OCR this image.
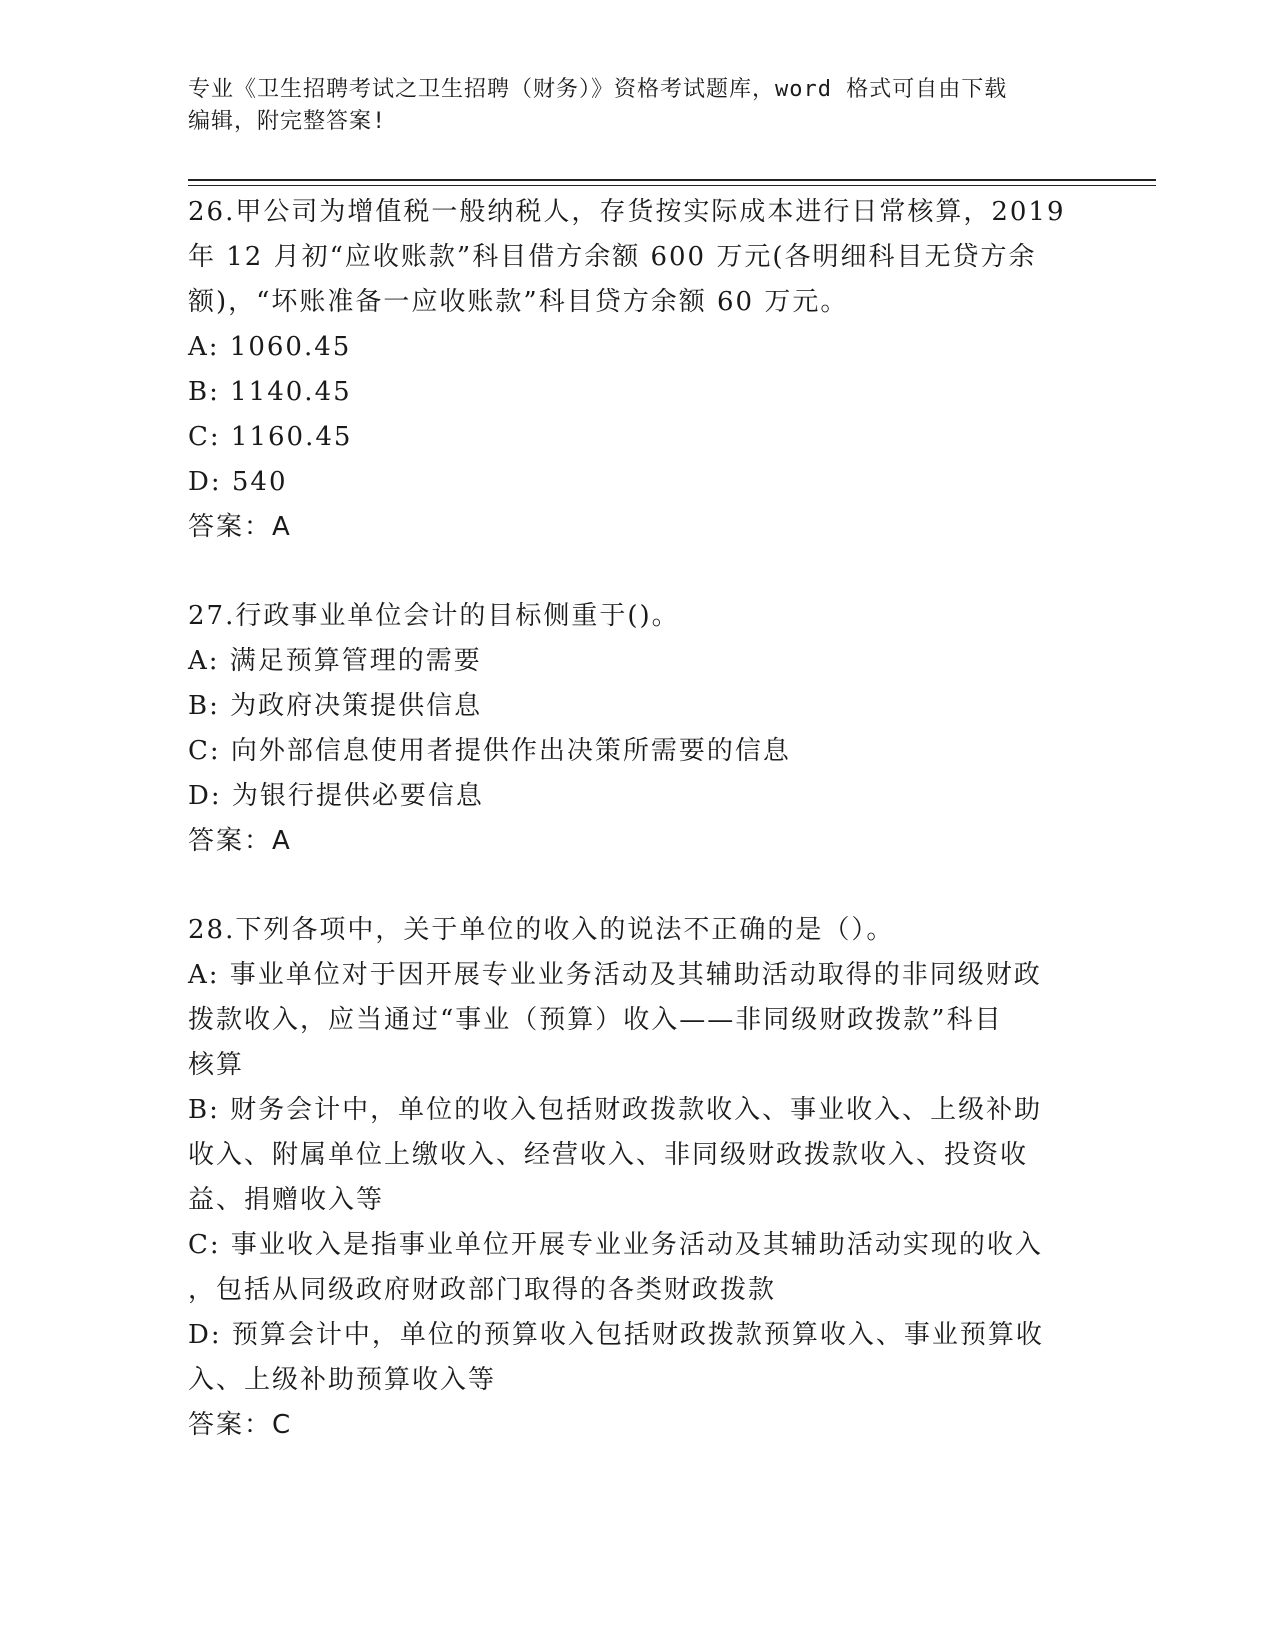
专业《卫生招聘考试之卫生招聘（财务）》资格考试题库，word 格式可自由下载
编辑，附完整答案!
26.甲公司为增值税一般纳税人，存货按实际成本进行日常核算，2019
年 12 月初“应收账款”科目借方余额 600 万元(各明细科目无贷方余
额)，“坏账准备一应收账款”科目贷方余额 60 万元。
A: 1060.45
B: 1140.45
C: 1160.45
D: 540
答案：A
27.行政事业单位会计的目标侧重于()。
A: 满足预算管理的需要
B: 为政府决策提供信息
C: 向外部信息使用者提供作出决策所需要的信息
D: 为银行提供必要信息
答案：A
28.下列各项中，关于单位的收入的说法不正确的是（）。
A: 事业单位对于因开展专业业务活动及其辅助活动取得的非同级财政
拨款收入，应当通过“事业（预算）收入——非同级财政拨款”科目
核算
B: 财务会计中，单位的收入包括财政拨款收入、事业收入、上级补助
收入、附属单位上缴收入、经营收入、非同级财政拨款收入、投资收
益、捐赠收入等
C: 事业收入是指事业单位开展专业业务活动及其辅助活动实现的收入
，包括从同级政府财政部门取得的各类财政拨款
D: 预算会计中，单位的预算收入包括财政拨款预算收入、事业预算收
入、上级补助预算收入等
答案：C
